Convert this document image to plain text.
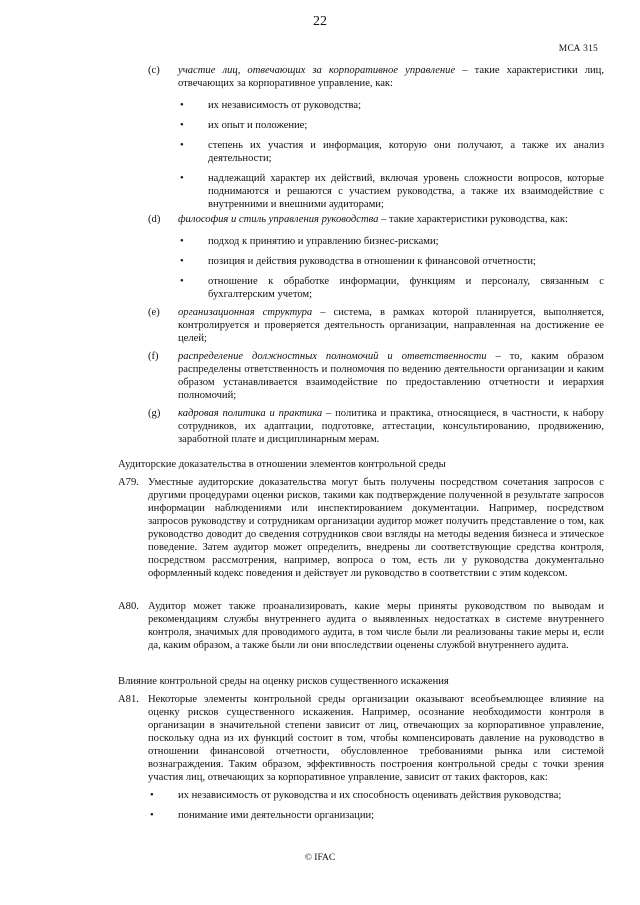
22
МСА 315
(c) участие лиц, отвечающих за корпоративное управление – такие характеристики лиц, отвечающих за корпоративное управление, как:
• их независимость от руководства;
• их опыт и положение;
• степень их участия и информация, которую они получают, а также их анализ деятельности;
• надлежащий характер их действий, включая уровень сложности вопросов, которые поднимаются и решаются с участием руководства, а также их взаимодействие с внутренними и внешними аудиторами;
(d) философия и стиль управления руководства – такие характеристики руководства, как:
• подход к принятию и управлению бизнес-рисками;
• позиция и действия руководства в отношении к финансовой отчетности;
• отношение к обработке информации, функциям и персоналу, связанным с бухгалтерским учетом;
(e) организационная структура – система, в рамках которой планируется, выполняется, контролируется и проверяется деятельность организации, направленная на достижение ее целей;
(f) распределение должностных полномочий и ответственности – то, каким образом распределены ответственность и полномочия по ведению деятельности организации и каким образом устанавливается взаимодействие по предоставлению отчетности и иерархия полномочий;
(g) кадровая политика и практика – политика и практика, относящиеся, в частности, к набору сотрудников, их адаптации, подготовке, аттестации, консультированию, продвижению, заработной плате и дисциплинарным мерам.
Аудиторские доказательства в отношении элементов контрольной среды
A79. Уместные аудиторские доказательства могут быть получены посредством сочетания запросов с другими процедурами оценки рисков, такими как подтверждение полученной в результате запросов информации наблюдениями или инспектированием документации. Например, посредством запросов руководству и сотрудникам организации аудитор может получить представление о том, как руководство доводит до сведения сотрудников свои взгляды на методы ведения бизнеса и этическое поведение. Затем аудитор может определить, внедрены ли соответствующие средства контроля, посредством рассмотрения, например, вопроса о том, есть ли у руководства документально оформленный кодекс поведения и действует ли руководство в соответствии с этим кодексом.
A80. Аудитор может также проанализировать, какие меры приняты руководством по выводам и рекомендациям службы внутреннего аудита о выявленных недостатках в системе внутреннего контроля, значимых для проводимого аудита, в том числе были ли реализованы такие меры и, если да, каким образом, а также были ли они впоследствии оценены службой внутреннего аудита.
Влияние контрольной среды на оценку рисков существенного искажения
A81. Некоторые элементы контрольной среды организации оказывают всеобъемлющее влияние на оценку рисков существенного искажения. Например, осознание необходимости контроля в организации в значительной степени зависит от лиц, отвечающих за корпоративное управление, поскольку одна из их функций состоит в том, чтобы компенсировать давление на руководство в отношении финансовой отчетности, обусловленное требованиями рынка или системой вознаграждения. Таким образом, эффективность построения контрольной среды с точки зрения участия лиц, отвечающих за корпоративное управление, зависит от таких факторов, как:
• их независимость от руководства и их способность оценивать действия руководства;
• понимание ими деятельности организации;
© IFAC
